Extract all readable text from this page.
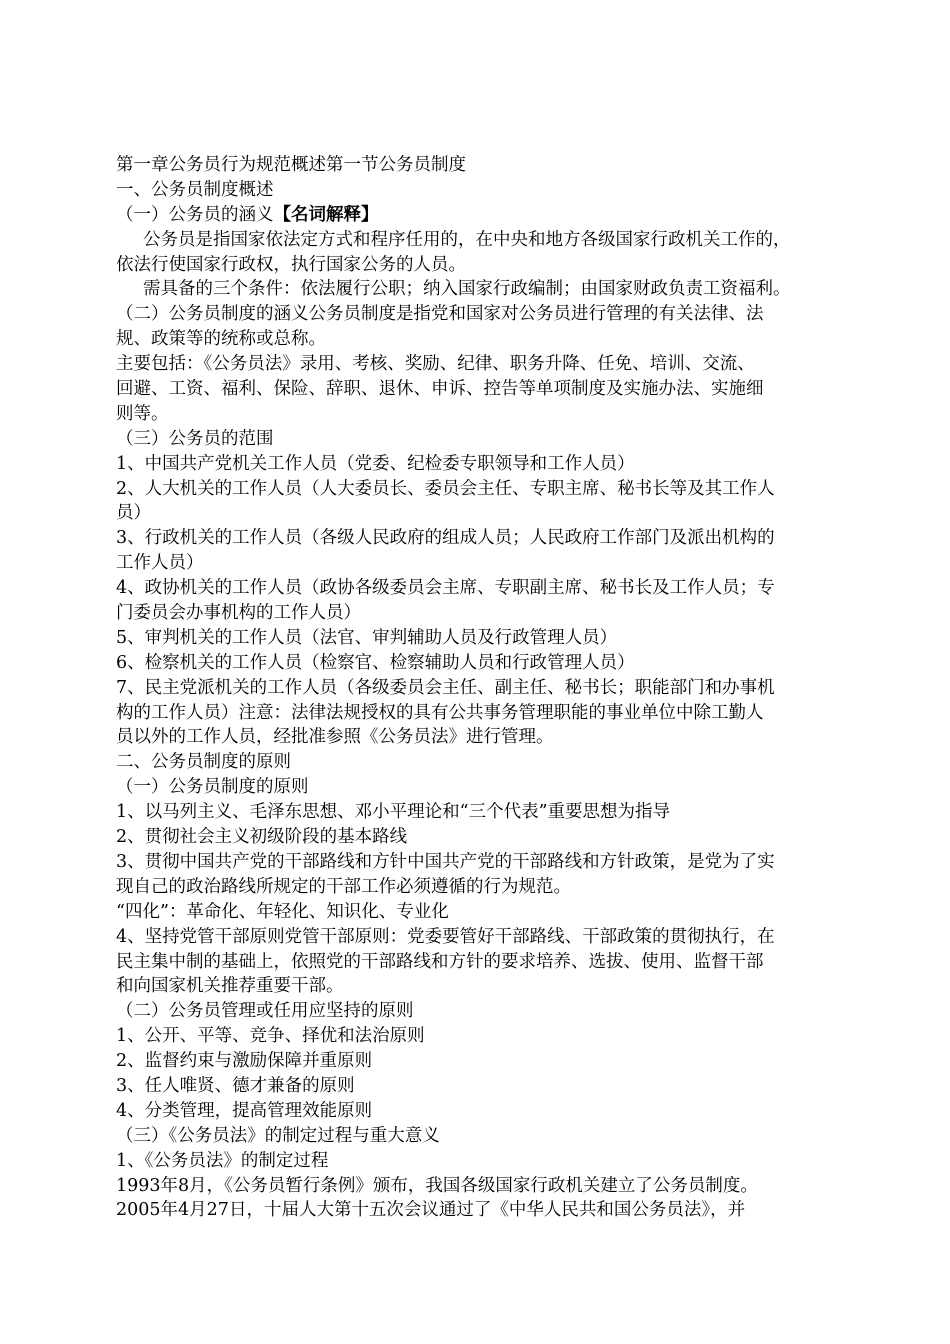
第一章公务员行为规范概述第一节公务员制度
一、公务员制度概述
（一）公务员的涵义【名词解释】
公务员是指国家依法定方式和程序任用的，在中央和地方各级国家行政机关工作的，
依法行使国家行政权，执行国家公务的人员。
需具备的三个条件：依法履行公职；纳入国家行政编制；由国家财政负责工资福利。
（二）公务员制度的涵义公务员制度是指党和国家对公务员进行管理的有关法律、法
规、政策等的统称或总称。
主要包括：《公务员法》录用、考核、奖励、纪律、职务升降、任免、培训、交流、
回避、工资、福利、保险、辞职、退休、申诉、控告等单项制度及实施办法、实施细
则等。
（三）公务员的范围
1、中国共产党机关工作人员（党委、纪检委专职领导和工作人员）
2、人大机关的工作人员（人大委员长、委员会主任、专职主席、秘书长等及其工作人
员）
3、行政机关的工作人员（各级人民政府的组成人员；人民政府工作部门及派出机构的
工作人员）
4、政协机关的工作人员（政协各级委员会主席、专职副主席、秘书长及工作人员；专
门委员会办事机构的工作人员）
5、审判机关的工作人员（法官、审判辅助人员及行政管理人员）
6、检察机关的工作人员（检察官、检察辅助人员和行政管理人员）
7、民主党派机关的工作人员（各级委员会主任、副主任、秘书长；职能部门和办事机
构的工作人员）注意：法律法规授权的具有公共事务管理职能的事业单位中除工勤人
员以外的工作人员，经批准参照《公务员法》进行管理。
二、公务员制度的原则
（一）公务员制度的原则
1、以马列主义、毛泽东思想、邓小平理论和“三个代表”重要思想为指导
2、贯彻社会主义初级阶段的基本路线
3、贯彻中国共产党的干部路线和方针中国共产党的干部路线和方针政策，是党为了实
现自己的政治路线所规定的干部工作必须遵循的行为规范。
“四化”：革命化、年轻化、知识化、专业化
4、坚持党管干部原则党管干部原则：党委要管好干部路线、干部政策的贯彻执行，在
民主集中制的基础上，依照党的干部路线和方针的要求培养、选拔、使用、监督干部
和向国家机关推荐重要干部。
（二）公务员管理或任用应坚持的原则
1、公开、平等、竞争、择优和法治原则
2、监督约束与激励保障并重原则
3、任人唯贤、德才兼备的原则
4、分类管理，提高管理效能原则
（三）《公务员法》的制定过程与重大意义
1、《公务员法》的制定过程
1993年8月，《公务员暂行条例》颁布，我国各级国家行政机关建立了公务员制度。
2005年4月27日，十届人大第十五次会议通过了《中华人民共和国公务员法》，并
